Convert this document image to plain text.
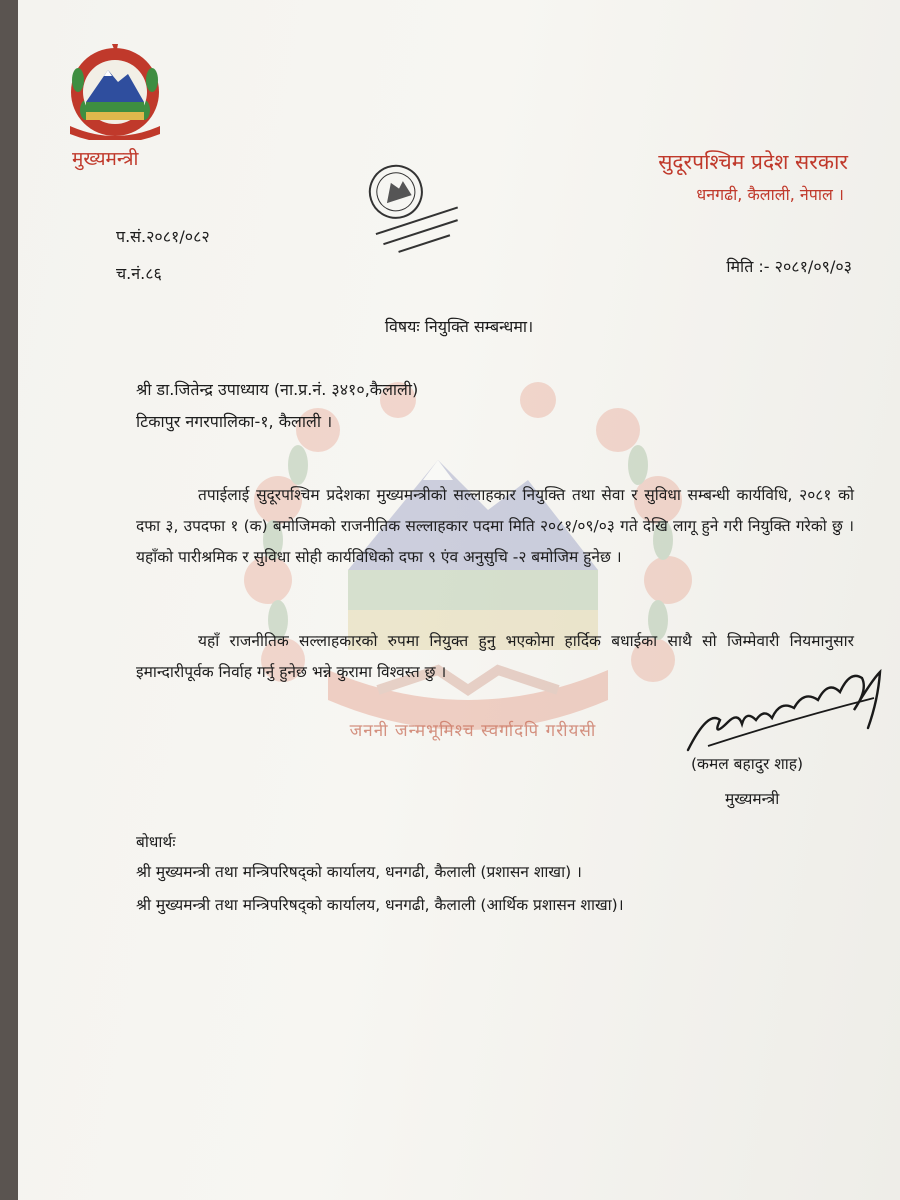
जननी जन्मभूमिश्च स्वर्गादपि गरीयसी
मुख्यमन्त्री	सुदूरपश्चिम प्रदेश सरकार
धनगढी, कैलाली, नेपाल ।
प.सं.२०८१/०८२
च.नं.८६	मिति :- २०८१/०९/०३
विषयः नियुक्ति सम्बन्धमा।
श्री डा.जितेन्द्र उपाध्याय (ना.प्र.नं. ३४१०,कैलाली)
टिकापुर नगरपालिका-१, कैलाली ।
तपाईलाई सुदूरपश्चिम प्रदेशका मुख्यमन्त्रीको सल्लाहकार नियुक्ति तथा सेवा र सुविधा सम्बन्धी कार्यविधि, २०८१ को दफा ३, उपदफा १ (क) बमोजिमको राजनीतिक सल्लाहकार पदमा मिति २०८१/०९/०३ गते देखि लागू हुने गरी नियुक्ति गरेको छु । यहाँको पारीश्रमिक र सुविधा सोही कार्यविधिको दफा ९ एंव अनुसुचि -२ बमोजिम हुनेछ ।
यहाँ राजनीतिक सल्लाहकारको रुपमा नियुक्त हुनु भएकोमा हार्दिक बधाईका साथै सो जिम्मेवारी नियमानुसार इमान्दारीपूर्वक निर्वाह गर्नु हुनेछ भन्ने कुरामा विश्वस्त छु ।
(कमल बहादुर शाह)
मुख्यमन्त्री
बोधार्थः
श्री मुख्यमन्त्री तथा मन्त्रिपरिषद्को कार्यालय, धनगढी, कैलाली (प्रशासन शाखा) ।
श्री मुख्यमन्त्री तथा मन्त्रिपरिषद्को कार्यालय, धनगढी, कैलाली (आर्थिक प्रशासन शाखा)।
